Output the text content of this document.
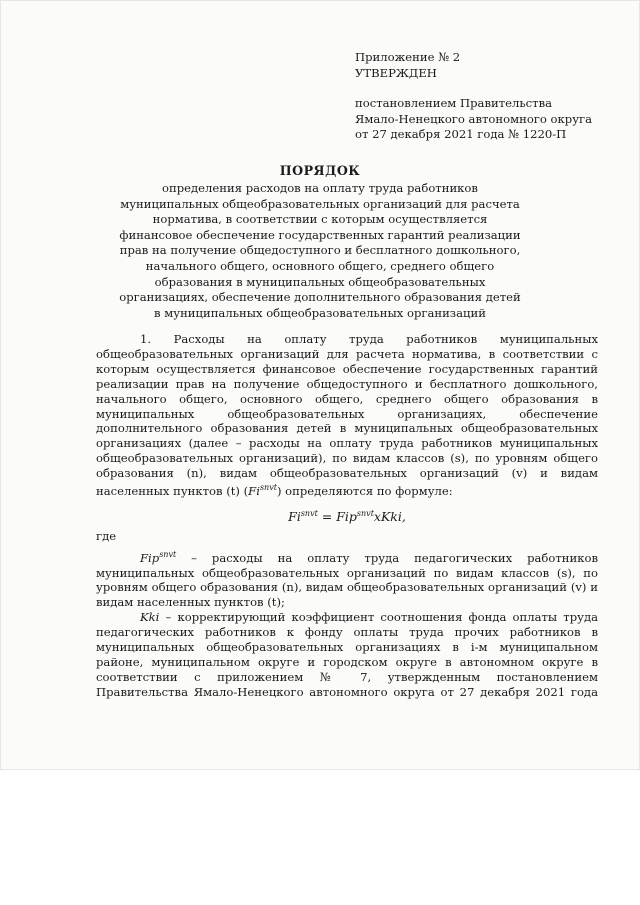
Приложение № 2
УТВЕРЖДЕН
постановлением Правительства
Ямало-Ненецкого автономного округа
от 27 декабря 2021 года № 1220-П
ПОРЯДОК
определения расходов на оплату труда работников
муниципальных общеобразовательных организаций для расчета
норматива, в соответствии с которым осуществляется
финансовое обеспечение государственных гарантий реализации
прав на получение общедоступного и бесплатного дошкольного,
начального общего, основного общего, среднего общего
образования в муниципальных общеобразовательных
организациях, обеспечение дополнительного образования детей
в муниципальных общеобразовательных организаций
1. Расходы на оплату труда работников муниципальных
общеобразовательных организаций для расчета норматива, в соответствии с
которым осуществляется финансовое обеспечение государственных гарантий
реализации прав на получение общедоступного и бесплатного дошкольного,
начального общего, основного общего, среднего общего образования в
муниципальных общеобразовательных организациях, обеспечение
дополнительного образования детей в муниципальных общеобразовательных
организациях (далее – расходы на оплату труда работников муниципальных
общеобразовательных организаций), по видам классов (s), по уровням общего
образования (n), видам общеобразовательных организаций (v) и видам
населенных пунктов (t) $(Fi^{snvt})$ определяются по формуле:
$Fi^{snvt}$ = Fip$^{snvt}$xKki,
где
Fip$^{snvt}$ – расходы на оплату труда педагогических работников
муниципальных общеобразовательных организаций по видам классов (s), по
уровням общего образования (n), видам общеобразовательных организаций (v) и
видам населенных пунктов (t);
Kki – корректирующий коэффициент соотношения фонда оплаты труда
педагогических работников к фонду оплаты труда прочих работников в
муниципальных общеобразовательных организациях в i-м муниципальном
районе, муниципальном округе и городском округе в автономном округе в
соответствии с приложением № 7, утвержденным постановлением
Правительства Ямало-Ненецкого автономного округа от 27 декабря 2021 года
